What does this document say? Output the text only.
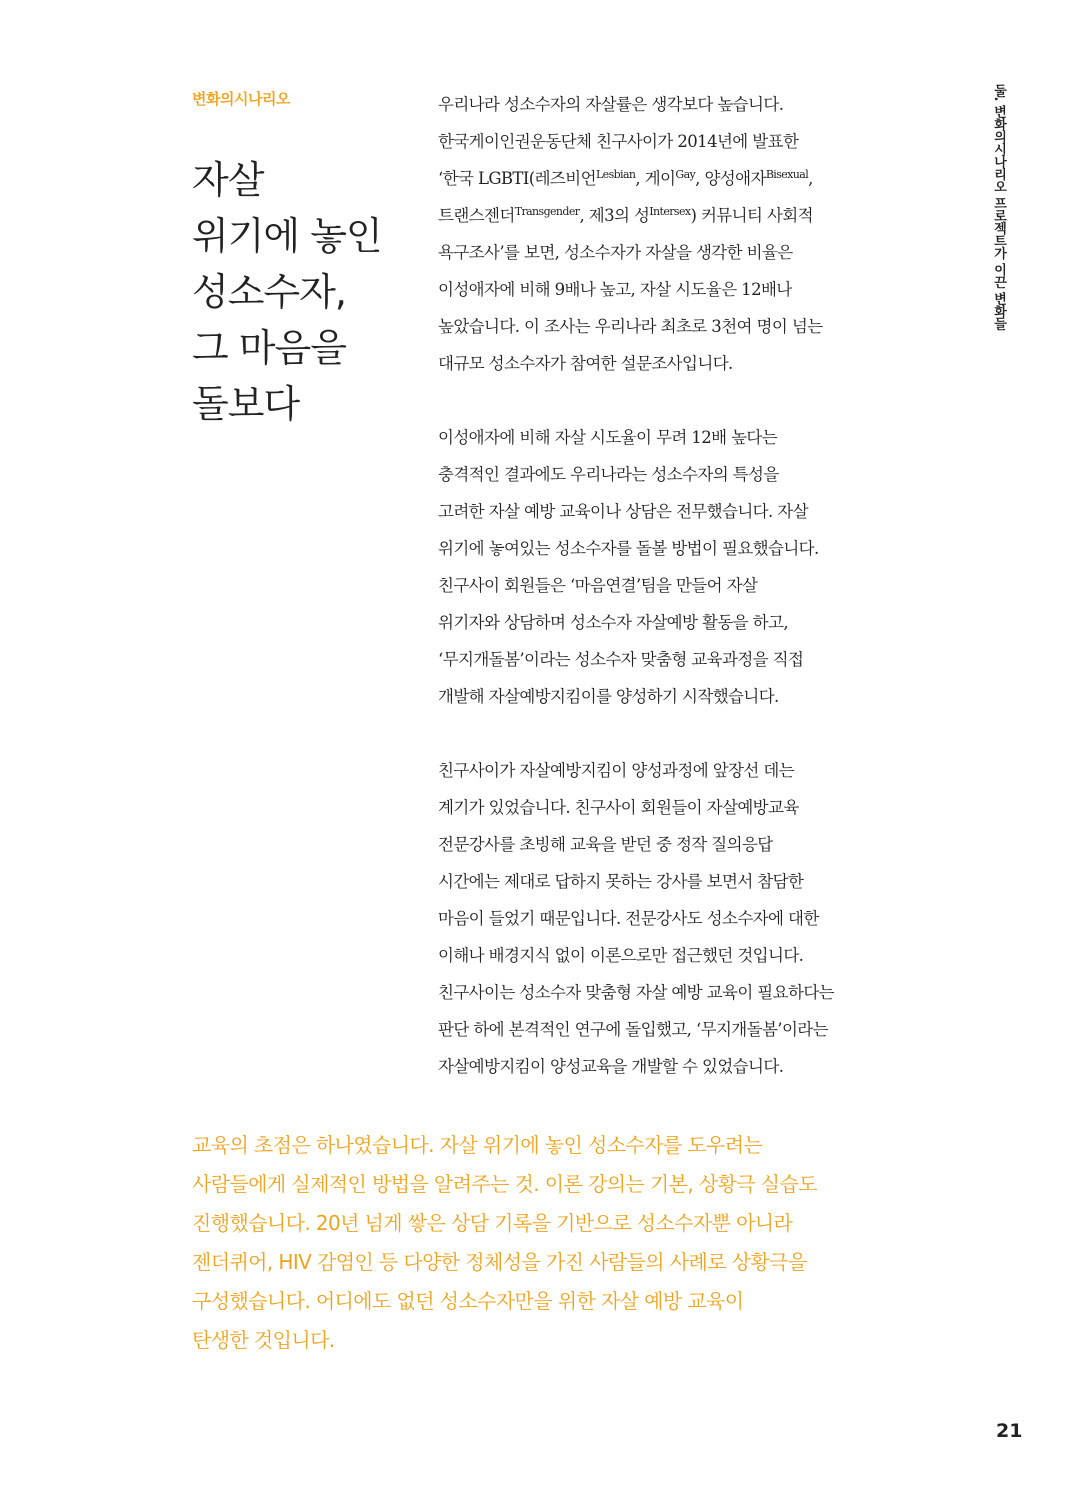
변화의시나리오
자살
위기에 놓인
성소수자,
그 마음을
돌보다
우리나라 성소수자의 자살률은 생각보다 높습니다.
한국게이인권운동단체 친구사이가 2014년에 발표한
‘한국 LGBTI(레즈비언$^{Lesbian}$, 게이$^{Gay}$, 양성애자$^{Bisexual}$,
트랜스젠더$^{Transgender}$, 제3의 성$^{Intersex}$) 커뮤니티 사회적
욕구조사’를 보면, 성소수자가 자살을 생각한 비율은
이성애자에 비해 9배나 높고, 자살 시도율은 12배나
높았습니다. 이 조사는 우리나라 최초로 3천여 명이 넘는
대규모 성소수자가 참여한 설문조사입니다.
이성애자에 비해 자살 시도율이 무려 12배 높다는
충격적인 결과에도 우리나라는 성소수자의 특성을
고려한 자살 예방 교육이나 상담은 전무했습니다. 자살
위기에 놓여있는 성소수자를 돌볼 방법이 필요했습니다.
친구사이 회원들은 ‘마음연결’팀을 만들어 자살
위기자와 상담하며 성소수자 자살예방 활동을 하고,
‘무지개돌봄’이라는 성소수자 맞춤형 교육과정을 직접
개발해 자살예방지킴이를 양성하기 시작했습니다.
친구사이가 자살예방지킴이 양성과정에 앞장선 데는
계기가 있었습니다. 친구사이 회원들이 자살예방교육
전문강사를 초빙해 교육을 받던 중 정작 질의응답
시간에는 제대로 답하지 못하는 강사를 보면서 참담한
마음이 들었기 때문입니다. 전문강사도 성소수자에 대한
이해나 배경지식 없이 이론으로만 접근했던 것입니다.
친구사이는 성소수자 맞춤형 자살 예방 교육이 필요하다는
판단 하에 본격적인 연구에 돌입했고, ‘무지개돌봄’이라는
자살예방지킴이 양성교육을 개발할 수 있었습니다.
교육의 초점은 하나였습니다. 자살 위기에 놓인 성소수자를 도우려는
사람들에게 실제적인 방법을 알려주는 것. 이론 강의는 기본, 상황극 실습도
진행했습니다. 20년 넘게 쌓은 상담 기록을 기반으로 성소수자뿐 아니라
젠더퀴어, HIV 감염인 등 다양한 정체성을 가진 사람들의 사례로 상황극을
구성했습니다. 어디에도 없던 성소수자만을 위한 자살 예방 교육이
탄생한 것입니다.
둘. 변화의시나리오 프로젝트가 이끈 변화들
21
